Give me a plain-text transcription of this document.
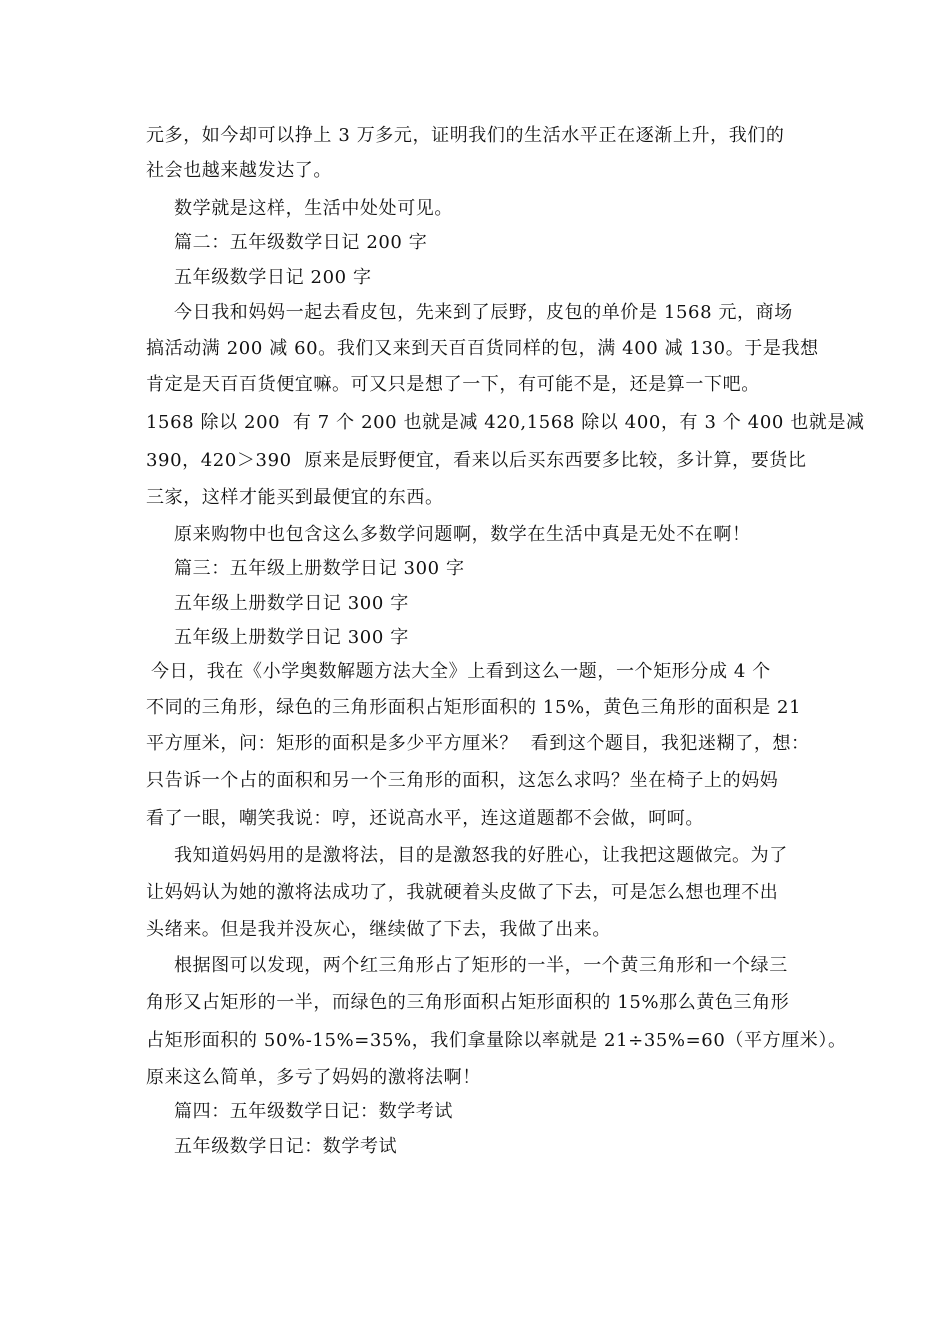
元多，如今却可以挣上 3 万多元，证明我们的生活水平正在逐渐上升，我们的
社会也越来越发达了。
数学就是这样，生活中处处可见。
篇二：五年级数学日记 200 字
五年级数学日记 200 字
今日我和妈妈一起去看皮包，先来到了辰野，皮包的单价是 1568 元，商场
搞活动满 200 减 60。我们又来到天百百货同样的包，满 400 减 130。于是我想
肯定是天百百货便宜嘛。可又只是想了一下，有可能不是，还是算一下吧。
1568 除以 200  有 7 个 200 也就是减 420,1568 除以 400，有 3 个 400 也就是减
390，420＞390  原来是辰野便宜，看来以后买东西要多比较，多计算，要货比
三家，这样才能买到最便宜的东西。
原来购物中也包含这么多数学问题啊，数学在生活中真是无处不在啊！
篇三：五年级上册数学日记 300 字
五年级上册数学日记 300 字
五年级上册数学日记 300 字
今日，我在《小学奥数解题方法大全》上看到这么一题，一个矩形分成 4 个
不同的三角形，绿色的三角形面积占矩形面积的 15%，黄色三角形的面积是 21
平方厘米，问：矩形的面积是多少平方厘米？  看到这个题目，我犯迷糊了，想：
只告诉一个占的面积和另一个三角形的面积，这怎么求吗？坐在椅子上的妈妈
看了一眼，嘲笑我说：哼，还说高水平，连这道题都不会做，呵呵。
我知道妈妈用的是激将法，目的是激怒我的好胜心，让我把这题做完。为了
让妈妈认为她的激将法成功了，我就硬着头皮做了下去，可是怎么想也理不出
头绪来。但是我并没灰心，继续做了下去，我做了出来。
根据图可以发现，两个红三角形占了矩形的一半，一个黄三角形和一个绿三
角形又占矩形的一半，而绿色的三角形面积占矩形面积的 15%那么黄色三角形
占矩形面积的 50%-15%=35%，我们拿量除以率就是 21÷35%=60（平方厘米）。
原来这么简单，多亏了妈妈的激将法啊！
篇四：五年级数学日记：数学考试
五年级数学日记：数学考试
